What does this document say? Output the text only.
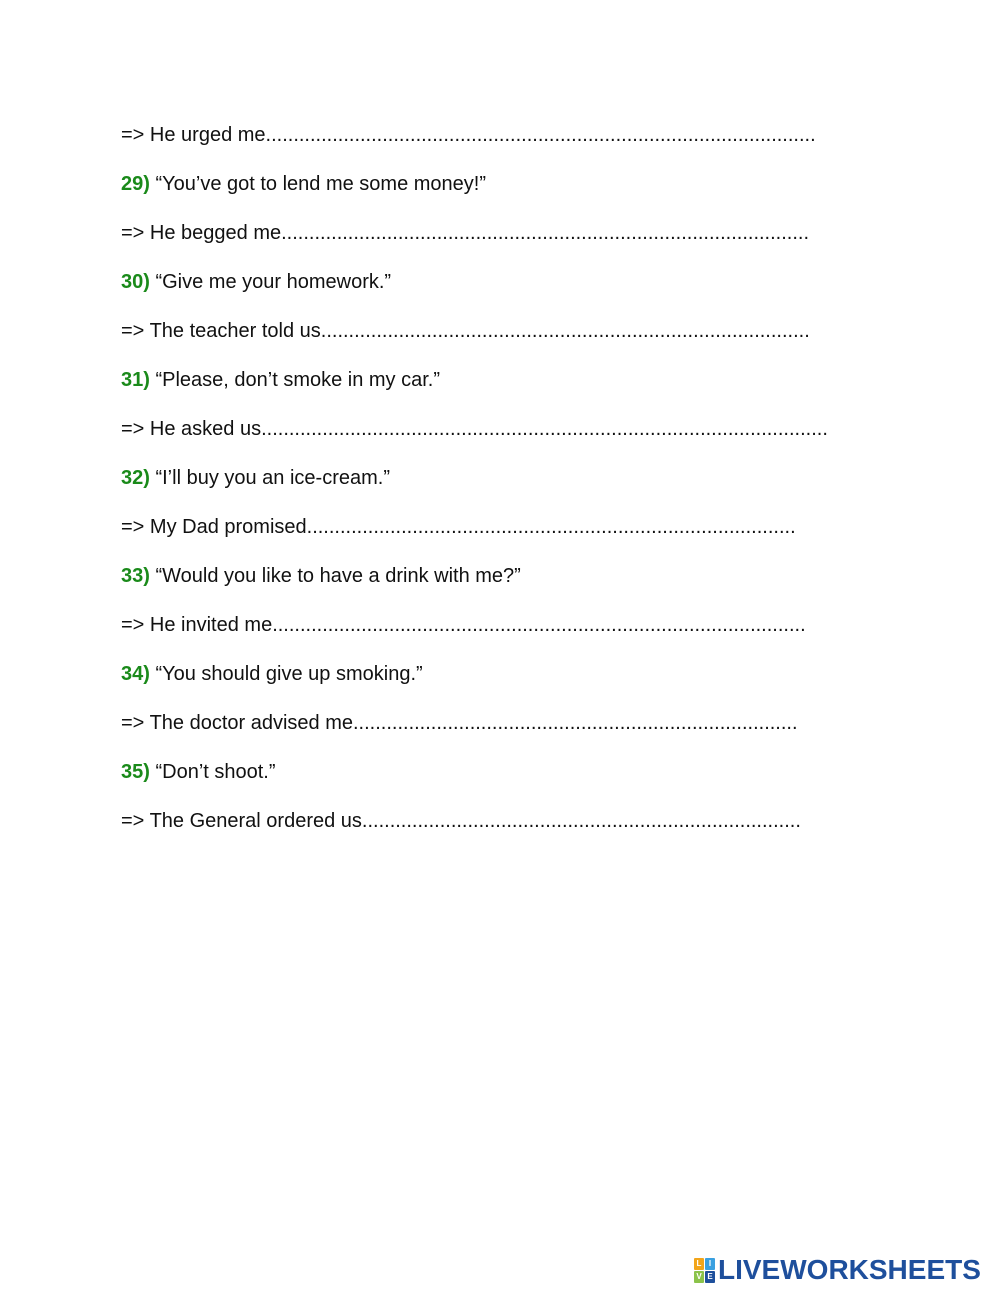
=> He urged me...................................................................................................
29) “You’ve got to lend me some money!”
=> He begged me...............................................................................................
30) “Give me your homework.”
=> The teacher told us........................................................................................
31) “Please, don’t smoke in my car.”
=> He asked us......................................................................................................
32) “I’ll buy you an ice-cream.”
=> My Dad promised........................................................................................
33) “Would you like to have a drink with me?”
=> He invited me................................................................................................
34) “You should give up smoking.”
=> The doctor advised me................................................................................
35) “Don’t shoot.”
=> The General ordered us...............................................................................
L I
V E LIVEWORKSHEETS
